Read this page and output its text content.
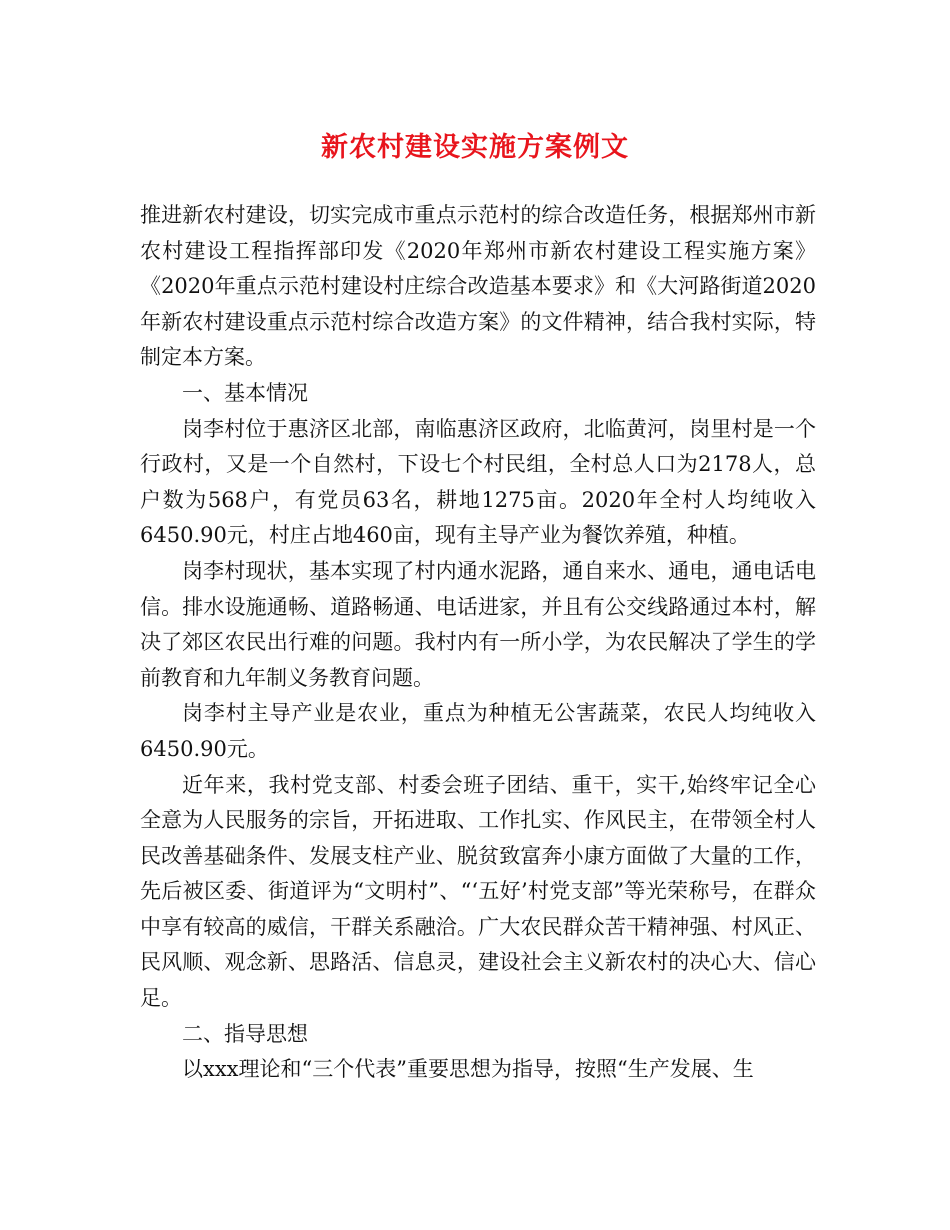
新农村建设实施方案例文

推进新农村建设，切实完成市重点示范村的综合改造任务，根据郑州市新农村建设工程指挥部印发《2020年郑州市新农村建设工程实施方案》《2020年重点示范村建设村庄综合改造基本要求》和《大河路街道2020年新农村建设重点示范村综合改造方案》的文件精神，结合我村实际，特制定本方案。

一、基本情况

岗李村位于惠济区北部，南临惠济区政府，北临黄河，岗里村是一个行政村，又是一个自然村，下设七个村民组，全村总人口为2178人，总户数为568户，有党员63名，耕地1275亩。2020年全村人均纯收入6450.90元，村庄占地460亩，现有主导产业为餐饮养殖，种植。

岗李村现状，基本实现了村内通水泥路，通自来水、通电，通电话电信。排水设施通畅、道路畅通、电话进家，并且有公交线路通过本村，解决了郊区农民出行难的问题。我村内有一所小学，为农民解决了学生的学前教育和九年制义务教育问题。

岗李村主导产业是农业，重点为种植无公害蔬菜，农民人均纯收入6450.90元。

近年来，我村党支部、村委会班子团结、重干，实干,始终牢记全心全意为人民服务的宗旨，开拓进取、工作扎实、作风民主，在带领全村人民改善基础条件、发展支柱产业、脱贫致富奔小康方面做了大量的工作，先后被区委、街道评为“文明村”、“‘五好’村党支部”等光荣称号，在群众中享有较高的威信，干群关系融洽。广大农民群众苦干精神强、村风正、民风顺、观念新、思路活、信息灵，建设社会主义新农村的决心大、信心足。

二、指导思想

以xxx理论和“三个代表”重要思想为指导，按照“生产发展、生
